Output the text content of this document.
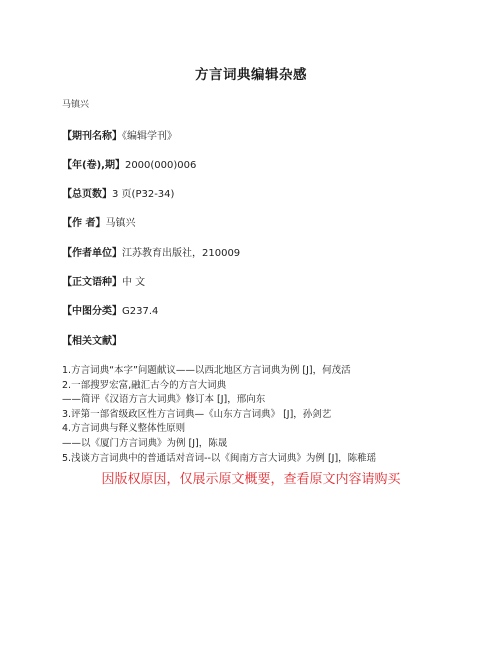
方言词典编辑杂感
马镇兴
【期刊名称】《编辑学刊》
【年(卷),期】2000(000)006
【总页数】3 页(P32-34)
【作 者】马镇兴
【作者单位】江苏教育出版社，210009
【正文语种】中 文
【中图分类】G237.4
【相关文献】
1.方言词典“本字”问题献议——以西北地区方言词典为例 [J]，何茂活
2.一部搜罗宏富,融汇古今的方言大词典
——简评《汉语方言大词典》修订本 [J]，邢向东
3.评第一部省级政区性方言词典—《山东方言词典》 [J]，孙剑艺
4.方言词典与释义整体性原则
——以《厦门方言词典》为例 [J]，陈晟
5.浅谈方言词典中的普通话对音词--以《闽南方言大词典》为例 [J]，陈稚瑶
因版权原因，仅展示原文概要，查看原文内容请购买
